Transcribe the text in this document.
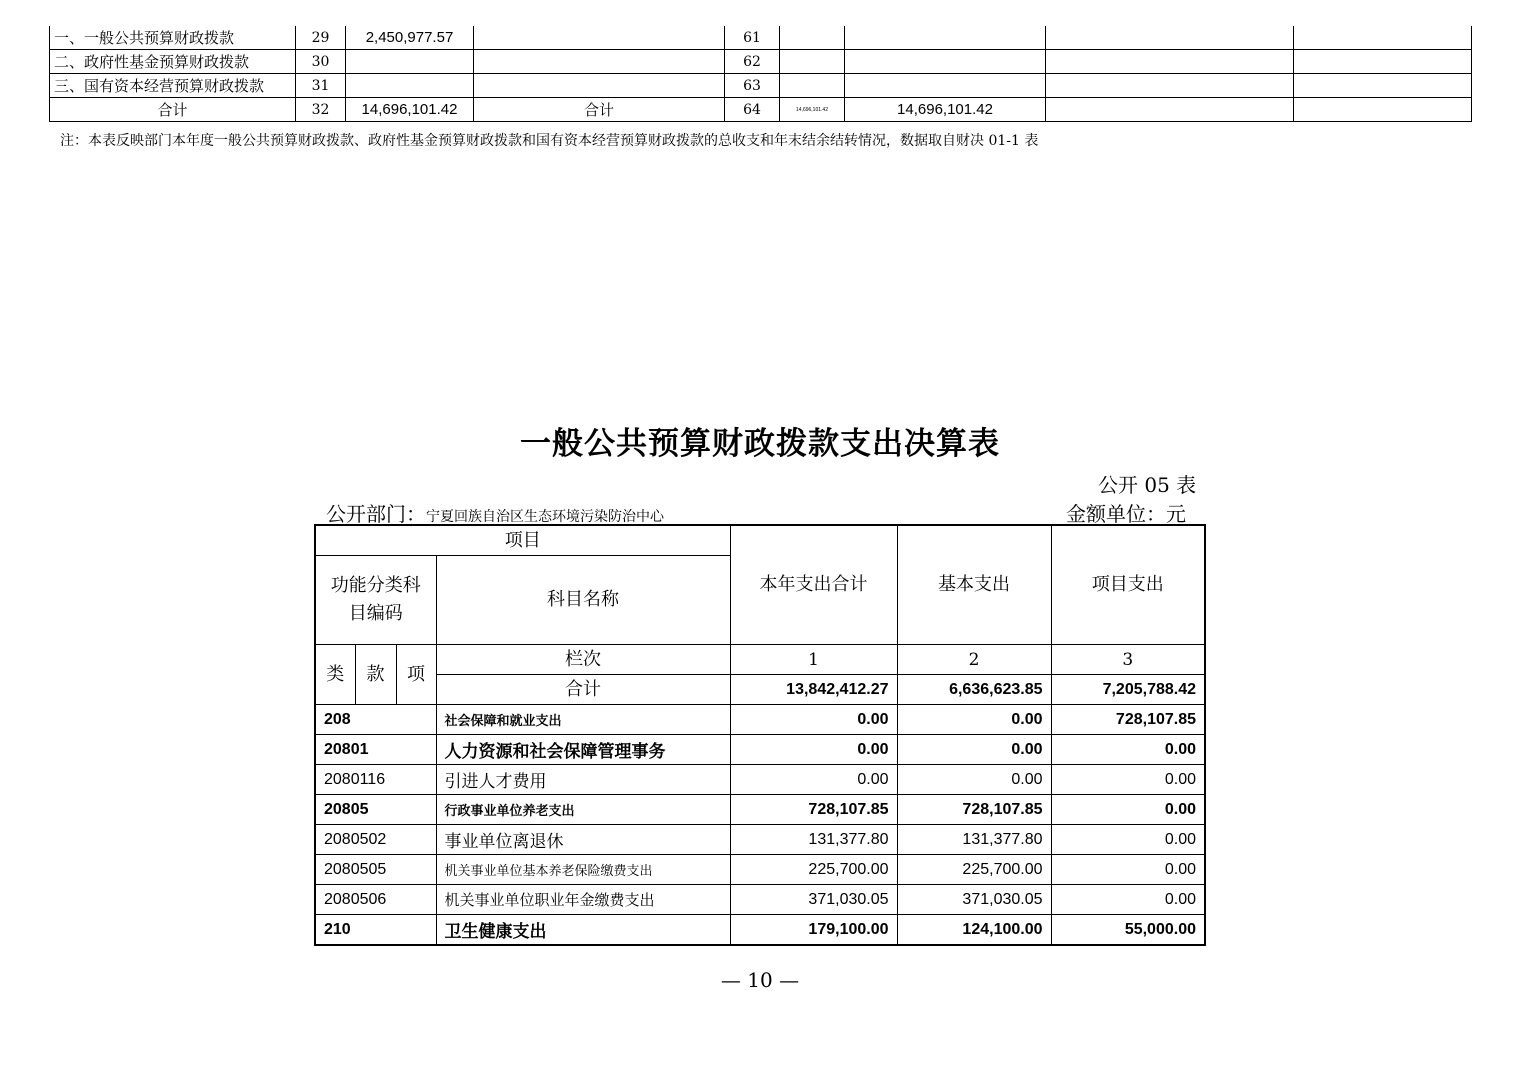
一、一般公共预算财政拨款	29	2,450,977.57		61				
二、政府性基金预算财政拨款	30			62				
三、国有资本经营预算财政拨款	31			63				
合计	32	14,696,101.42	合计	64	14,696,101.42	14,696,101.42		
注：本表反映部门本年度一般公共预算财政拨款、政府性基金预算财政拨款和国有资本经营预算财政拨款的总收支和年末结余结转情况，数据取自财决 01-1 表
一般公共预算财政拨款支出决算表
公开 05 表
公开部门：宁夏回族自治区生态环境污染防治中心	金额单位：元
项目				本年支出合计	基本支出	项目支出
功能分类科目编码			科目名称			
类	款	项	栏次	1	2	3
			合计	13,842,412.27	6,636,623.85	7,205,788.42
208			社会保障和就业支出	0.00	0.00	728,107.85
20801			人力资源和社会保障管理事务	0.00	0.00	0.00
2080116			引进人才费用	0.00	0.00	0.00
20805			行政事业单位养老支出	728,107.85	728,107.85	0.00
2080502			事业单位离退休	131,377.80	131,377.80	0.00
2080505			机关事业单位基本养老保险缴费支出	225,700.00	225,700.00	0.00
2080506			机关事业单位职业年金缴费支出	371,030.05	371,030.05	0.00
210			卫生健康支出	179,100.00	124,100.00	55,000.00
— 10 —
